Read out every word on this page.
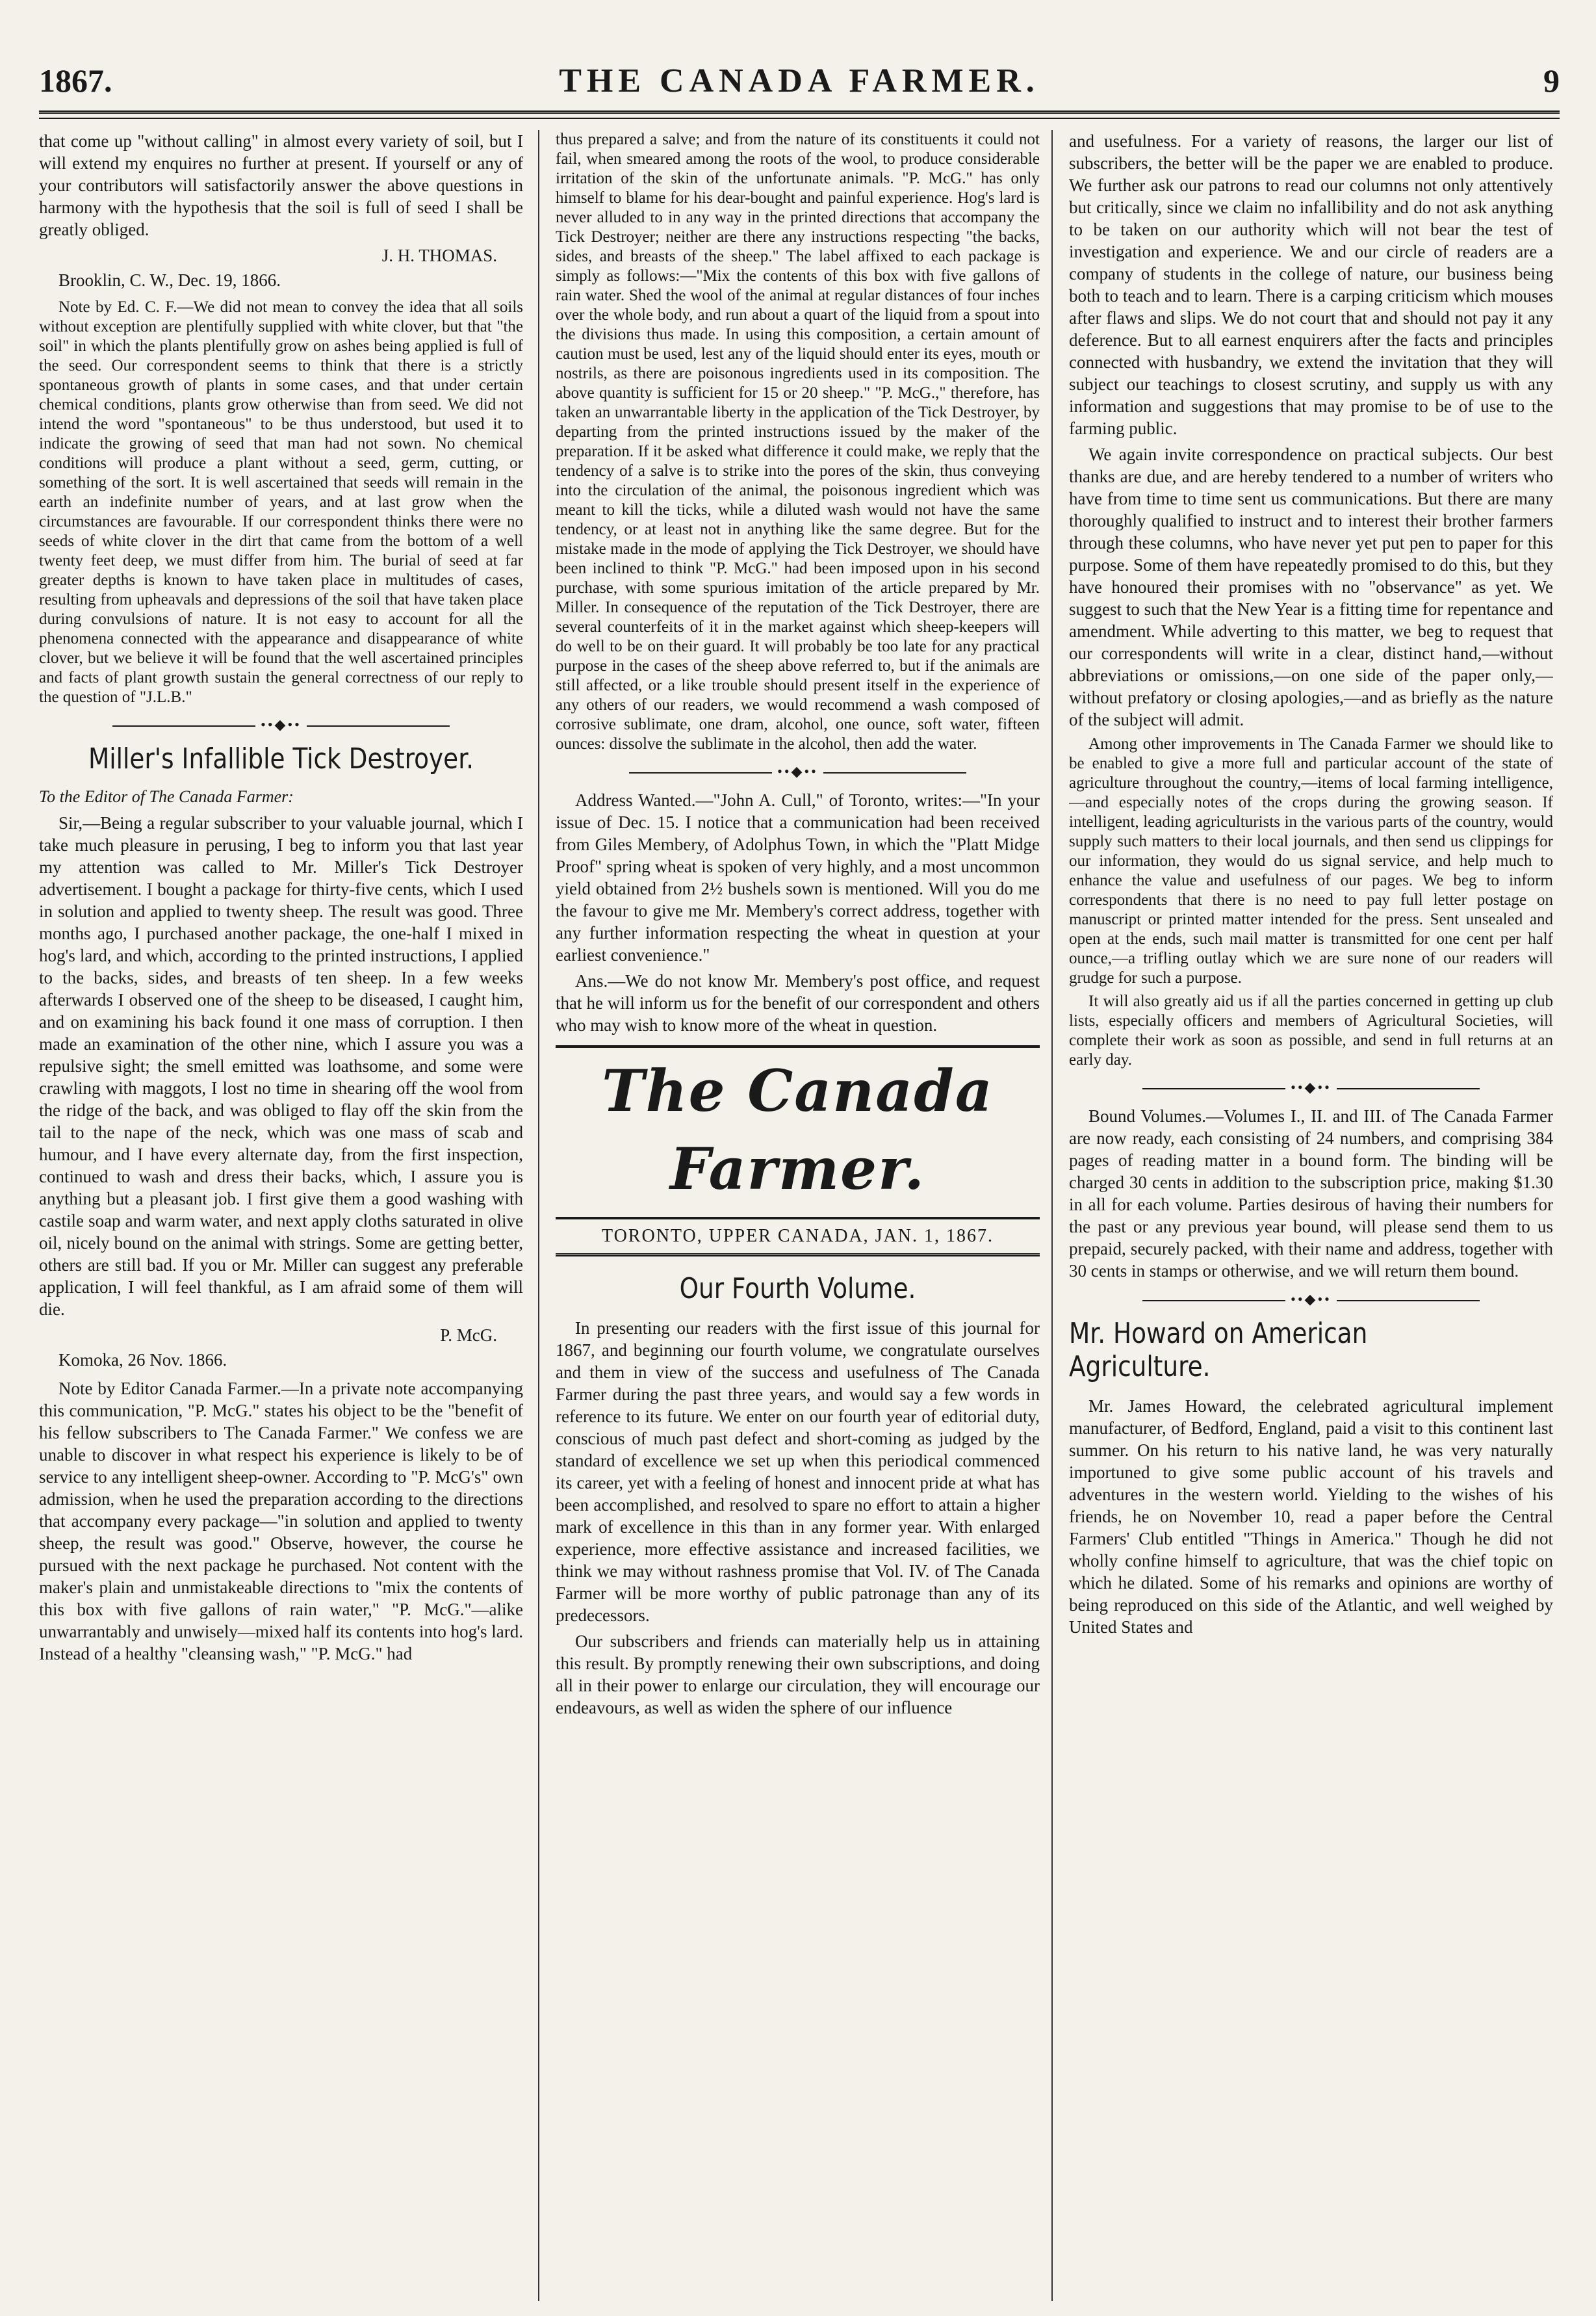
1867.	THE CANADA FARMER.	9

that come up "without calling" in almost every variety of soil, but I will extend my enquires no further at present. If yourself or any of your contributors will satisfactorily answer the above questions in harmony with the hypothesis that the soil is full of seed I shall be greatly obliged.

J. H. THOMAS.
Brooklin, C. W., Dec. 19, 1866.

Note by Ed. C. F.—We did not mean to convey the idea that all soils without exception are plentifully supplied with white clover, but that "the soil" in which the plants plentifully grow on ashes being applied is full of the seed. Our correspondent seems to think that there is a strictly spontaneous growth of plants in some cases, and that under certain chemical conditions, plants grow otherwise than from seed. We did not intend the word "spontaneous" to be thus understood, but used it to indicate the growing of seed that man had not sown. No chemical conditions will produce a plant without a seed, germ, cutting, or something of the sort. It is well ascertained that seeds will remain in the earth an indefinite number of years, and at last grow when the circumstances are favourable. If our correspondent thinks there were no seeds of white clover in the dirt that came from the bottom of a well twenty feet deep, we must differ from him. The burial of seed at far greater depths is known to have taken place in multitudes of cases, resulting from upheavals and depressions of the soil that have taken place during convulsions of nature. It is not easy to account for all the phenomena connected with the appearance and disappearance of white clover, but we believe it will be found that the well ascertained principles and facts of plant growth sustain the general correctness of our reply to the question of "J.L.B."

••◆••
Miller's Infallible Tick Destroyer.
To the Editor of The Canada Farmer:

Sir,—Being a regular subscriber to your valuable journal, which I take much pleasure in perusing, I beg to inform you that last year my attention was called to Mr. Miller's Tick Destroyer advertisement. I bought a package for thirty-five cents, which I used in solution and applied to twenty sheep. The result was good. Three months ago, I purchased another package, the one-half I mixed in hog's lard, and which, according to the printed instructions, I applied to the backs, sides, and breasts of ten sheep. In a few weeks afterwards I observed one of the sheep to be diseased, I caught him, and on examining his back found it one mass of corruption. I then made an examination of the other nine, which I assure you was a repulsive sight; the smell emitted was loathsome, and some were crawling with maggots, I lost no time in shearing off the wool from the ridge of the back, and was obliged to flay off the skin from the tail to the nape of the neck, which was one mass of scab and humour, and I have every alternate day, from the first inspection, continued to wash and dress their backs, which, I assure you is anything but a pleasant job. I first give them a good washing with castile soap and warm water, and next apply cloths saturated in olive oil, nicely bound on the animal with strings. Some are getting better, others are still bad. If you or Mr. Miller can suggest any preferable application, I will feel thankful, as I am afraid some of them will die.

P. McG.
Komoka, 26 Nov. 1866.

Note by Editor Canada Farmer.—In a private note accompanying this communication, "P. McG." states his object to be the "benefit of his fellow subscribers to The Canada Farmer." We confess we are unable to discover in what respect his experience is likely to be of service to any intelligent sheep-owner. According to "P. McG's" own admission, when he used the preparation according to the directions that accompany every package—"in solution and applied to twenty sheep, the result was good." Observe, however, the course he pursued with the next package he purchased. Not content with the maker's plain and unmistakeable directions to "mix the contents of this box with five gallons of rain water," "P. McG."—alike unwarrantably and unwisely—mixed half its contents into hog's lard. Instead of a healthy "cleansing wash," "P. McG." had

thus prepared a salve; and from the nature of its constituents it could not fail, when smeared among the roots of the wool, to produce considerable irritation of the skin of the unfortunate animals. "P. McG." has only himself to blame for his dear-bought and painful experience. Hog's lard is never alluded to in any way in the printed directions that accompany the Tick Destroyer; neither are there any instructions respecting "the backs, sides, and breasts of the sheep." The label affixed to each package is simply as follows:—"Mix the contents of this box with five gallons of rain water. Shed the wool of the animal at regular distances of four inches over the whole body, and run about a quart of the liquid from a spout into the divisions thus made. In using this composition, a certain amount of caution must be used, lest any of the liquid should enter its eyes, mouth or nostrils, as there are poisonous ingredients used in its composition. The above quantity is sufficient for 15 or 20 sheep." "P. McG.," therefore, has taken an unwarrantable liberty in the application of the Tick Destroyer, by departing from the printed instructions issued by the maker of the preparation. If it be asked what difference it could make, we reply that the tendency of a salve is to strike into the pores of the skin, thus conveying into the circulation of the animal, the poisonous ingredient which was meant to kill the ticks, while a diluted wash would not have the same tendency, or at least not in anything like the same degree. But for the mistake made in the mode of applying the Tick Destroyer, we should have been inclined to think "P. McG." had been imposed upon in his second purchase, with some spurious imitation of the article prepared by Mr. Miller. In consequence of the reputation of the Tick Destroyer, there are several counterfeits of it in the market against which sheep-keepers will do well to be on their guard. It will probably be too late for any practical purpose in the cases of the sheep above referred to, but if the animals are still affected, or a like trouble should present itself in the experience of any others of our readers, we would recommend a wash composed of corrosive sublimate, one dram, alcohol, one ounce, soft water, fifteen ounces: dissolve the sublimate in the alcohol, then add the water.

••◆••

Address Wanted.—"John A. Cull," of Toronto, writes:—"In your issue of Dec. 15. I notice that a communication had been received from Giles Membery, of Adolphus Town, in which the "Platt Midge Proof" spring wheat is spoken of very highly, and a most uncommon yield obtained from 2½ bushels sown is mentioned. Will you do me the favour to give me Mr. Membery's correct address, together with any further information respecting the wheat in question at your earliest convenience."

Ans.—We do not know Mr. Membery's post office, and request that he will inform us for the benefit of our correspondent and others who may wish to know more of the wheat in question.

The Canada Farmer.
TORONTO, UPPER CANADA, JAN. 1, 1867.
Our Fourth Volume.

In presenting our readers with the first issue of this journal for 1867, and beginning our fourth volume, we congratulate ourselves and them in view of the success and usefulness of The Canada Farmer during the past three years, and would say a few words in reference to its future. We enter on our fourth year of editorial duty, conscious of much past defect and short-coming as judged by the standard of excellence we set up when this periodical commenced its career, yet with a feeling of honest and innocent pride at what has been accomplished, and resolved to spare no effort to attain a higher mark of excellence in this than in any former year. With enlarged experience, more effective assistance and increased facilities, we think we may without rashness promise that Vol. IV. of The Canada Farmer will be more worthy of public patronage than any of its predecessors.

Our subscribers and friends can materially help us in attaining this result. By promptly renewing their own subscriptions, and doing all in their power to enlarge our circulation, they will encourage our endeavours, as well as widen the sphere of our influence

and usefulness. For a variety of reasons, the larger our list of subscribers, the better will be the paper we are enabled to produce. We further ask our patrons to read our columns not only attentively but critically, since we claim no infallibility and do not ask anything to be taken on our authority which will not bear the test of investigation and experience. We and our circle of readers are a company of students in the college of nature, our business being both to teach and to learn. There is a carping criticism which mouses after flaws and slips. We do not court that and should not pay it any deference. But to all earnest enquirers after the facts and principles connected with husbandry, we extend the invitation that they will subject our teachings to closest scrutiny, and supply us with any information and suggestions that may promise to be of use to the farming public.

We again invite correspondence on practical subjects. Our best thanks are due, and are hereby tendered to a number of writers who have from time to time sent us communications. But there are many thoroughly qualified to instruct and to interest their brother farmers through these columns, who have never yet put pen to paper for this purpose. Some of them have repeatedly promised to do this, but they have honoured their promises with no "observance" as yet. We suggest to such that the New Year is a fitting time for repentance and amendment. While adverting to this matter, we beg to request that our correspondents will write in a clear, distinct hand,—without abbreviations or omissions,—on one side of the paper only,—without prefatory or closing apologies,—and as briefly as the nature of the subject will admit.

Among other improvements in The Canada Farmer we should like to be enabled to give a more full and particular account of the state of agriculture throughout the country,—items of local farming intelligence,—and especially notes of the crops during the growing season. If intelligent, leading agriculturists in the various parts of the country, would supply such matters to their local journals, and then send us clippings for our information, they would do us signal service, and help much to enhance the value and usefulness of our pages. We beg to inform correspondents that there is no need to pay full letter postage on manuscript or printed matter intended for the press. Sent unsealed and open at the ends, such mail matter is transmitted for one cent per half ounce,—a trifling outlay which we are sure none of our readers will grudge for such a purpose.

It will also greatly aid us if all the parties concerned in getting up club lists, especially officers and members of Agricultural Societies, will complete their work as soon as possible, and send in full returns at an early day.

••◆••

Bound Volumes.—Volumes I., II. and III. of The Canada Farmer are now ready, each consisting of 24 numbers, and comprising 384 pages of reading matter in a bound form. The binding will be charged 30 cents in addition to the subscription price, making $1.30 in all for each volume. Parties desirous of having their numbers for the past or any previous year bound, will please send them to us prepaid, securely packed, with their name and address, together with 30 cents in stamps or otherwise, and we will return them bound.

••◆••
Mr. Howard on American Agriculture.

Mr. James Howard, the celebrated agricultural implement manufacturer, of Bedford, England, paid a visit to this continent last summer. On his return to his native land, he was very naturally importuned to give some public account of his travels and adventures in the western world. Yielding to the wishes of his friends, he on November 10, read a paper before the Central Farmers' Club entitled "Things in America." Though he did not wholly confine himself to agriculture, that was the chief topic on which he dilated. Some of his remarks and opinions are worthy of being reproduced on this side of the Atlantic, and well weighed by United States and
